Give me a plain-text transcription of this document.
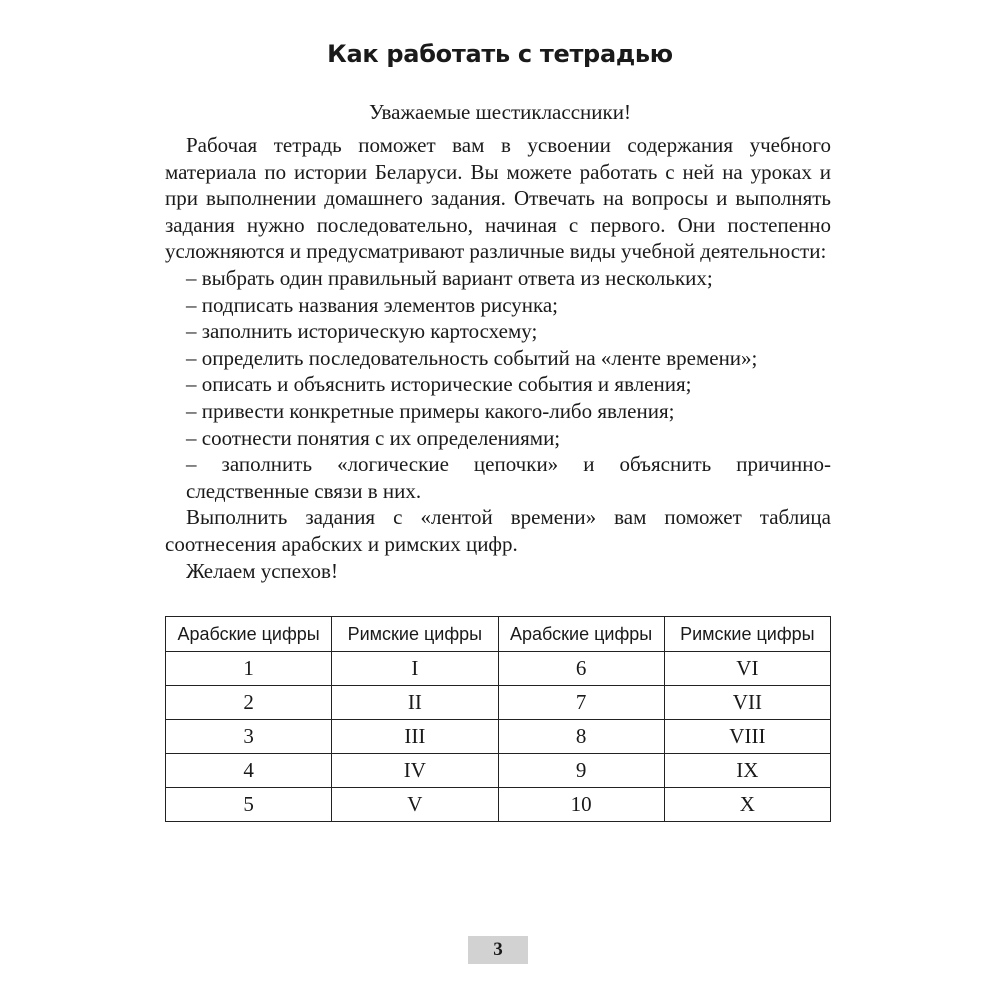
Как работать с тетрадью
Уважаемые шестиклассники!

Рабочая тетрадь поможет вам в усвоении содержания учебного материала по истории Беларуси. Вы можете работать с ней на уроках и при выполнении домашнего задания. Отвечать на вопросы и выполнять задания нужно последовательно, начиная с первого. Они постепенно усложняются и предусматривают различные виды учебной деятельности:

– выбрать один правильный вариант ответа из нескольких;
– подписать названия элементов рисунка;
– заполнить историческую картосхему;
– определить последовательность событий на «ленте времени»;
– описать и объяснить исторические события и явления;
– привести конкретные примеры какого-либо явления;
– соотнести понятия с их определениями;
– заполнить «логические цепочки» и объяснить причинно-следственные связи в них.

Выполнить задания с «лентой времени» вам поможет таблица соотнесения арабских и римских цифр.

Желаем успехов!

Арабские цифры	Римские цифры	Арабские цифры	Римские цифры
1	I	6	VI
2	II	7	VII
3	III	8	VIII
4	IV	9	IX
5	V	10	X
3
